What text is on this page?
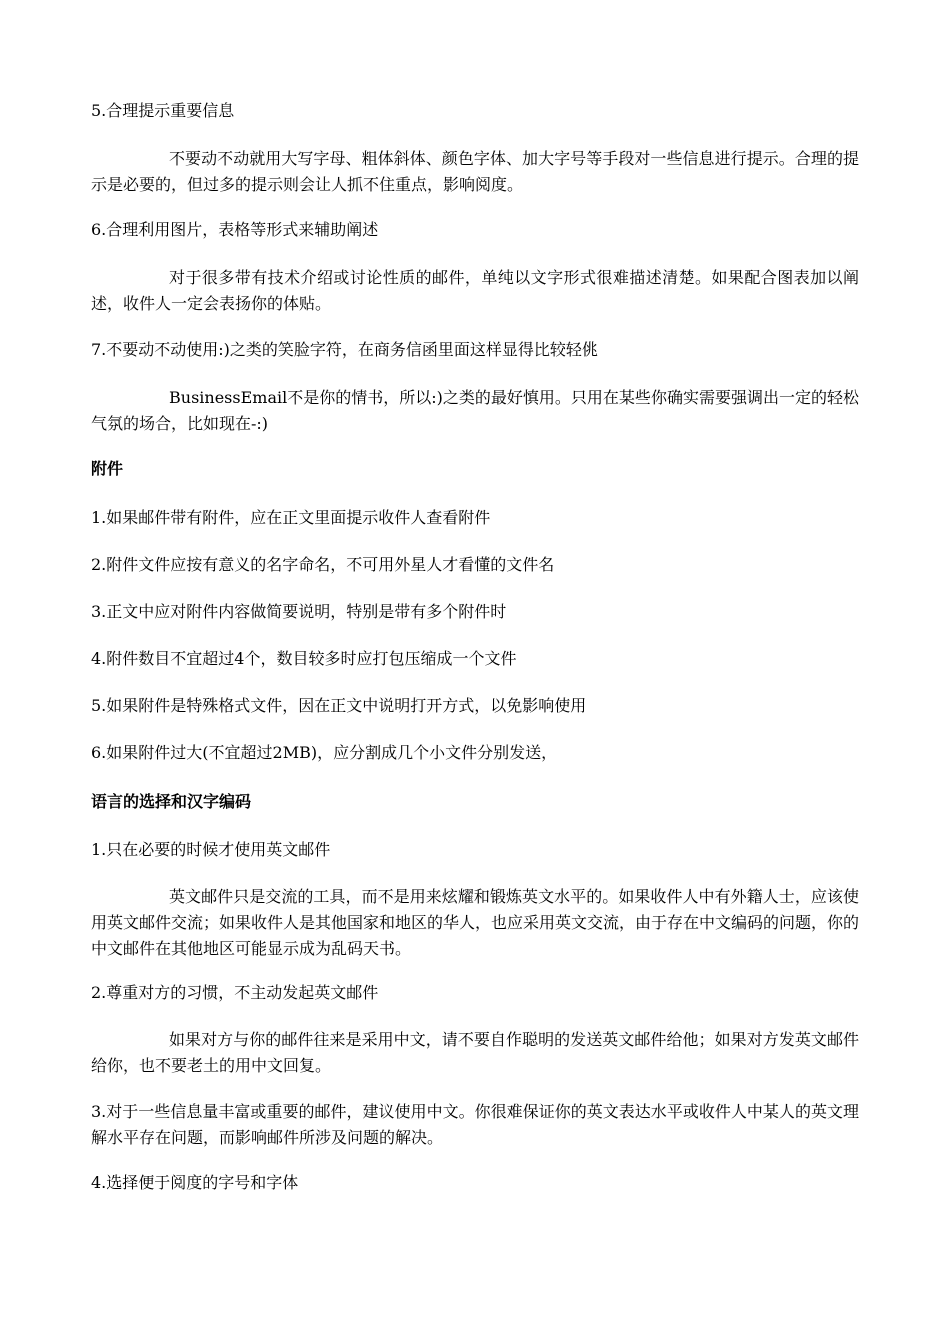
5.合理提示重要信息
不要动不动就用大写字母、粗体斜体、颜色字体、加大字号等手段对一些信息进行提示。合理的提示是必要的，但过多的提示则会让人抓不住重点，影响阅度。
6.合理利用图片，表格等形式来辅助阐述
对于很多带有技术介绍或讨论性质的邮件，单纯以文字形式很难描述清楚。如果配合图表加以阐述，收件人一定会表扬你的体贴。
7.不要动不动使用:)之类的笑脸字符，在商务信函里面这样显得比较轻佻
BusinessEmail不是你的情书，所以:)之类的最好慎用。只用在某些你确实需要强调出一定的轻松气氛的场合，比如现在-:)
附件
1.如果邮件带有附件，应在正文里面提示收件人查看附件
2.附件文件应按有意义的名字命名，不可用外星人才看懂的文件名
3.正文中应对附件内容做简要说明，特别是带有多个附件时
4.附件数目不宜超过4个，数目较多时应打包压缩成一个文件
5.如果附件是特殊格式文件，因在正文中说明打开方式，以免影响使用
6.如果附件过大(不宜超过2MB)，应分割成几个小文件分别发送，
语言的选择和汉字编码
1.只在必要的时候才使用英文邮件
英文邮件只是交流的工具，而不是用来炫耀和锻炼英文水平的。如果收件人中有外籍人士，应该使用英文邮件交流；如果收件人是其他国家和地区的华人，也应采用英文交流，由于存在中文编码的问题，你的中文邮件在其他地区可能显示成为乱码天书。
2.尊重对方的习惯，不主动发起英文邮件
如果对方与你的邮件往来是采用中文，请不要自作聪明的发送英文邮件给他；如果对方发英文邮件给你，也不要老土的用中文回复。
3.对于一些信息量丰富或重要的邮件，建议使用中文。你很难保证你的英文表达水平或收件人中某人的英文理解水平存在问题，而影响邮件所涉及问题的解决。
4.选择便于阅度的字号和字体
